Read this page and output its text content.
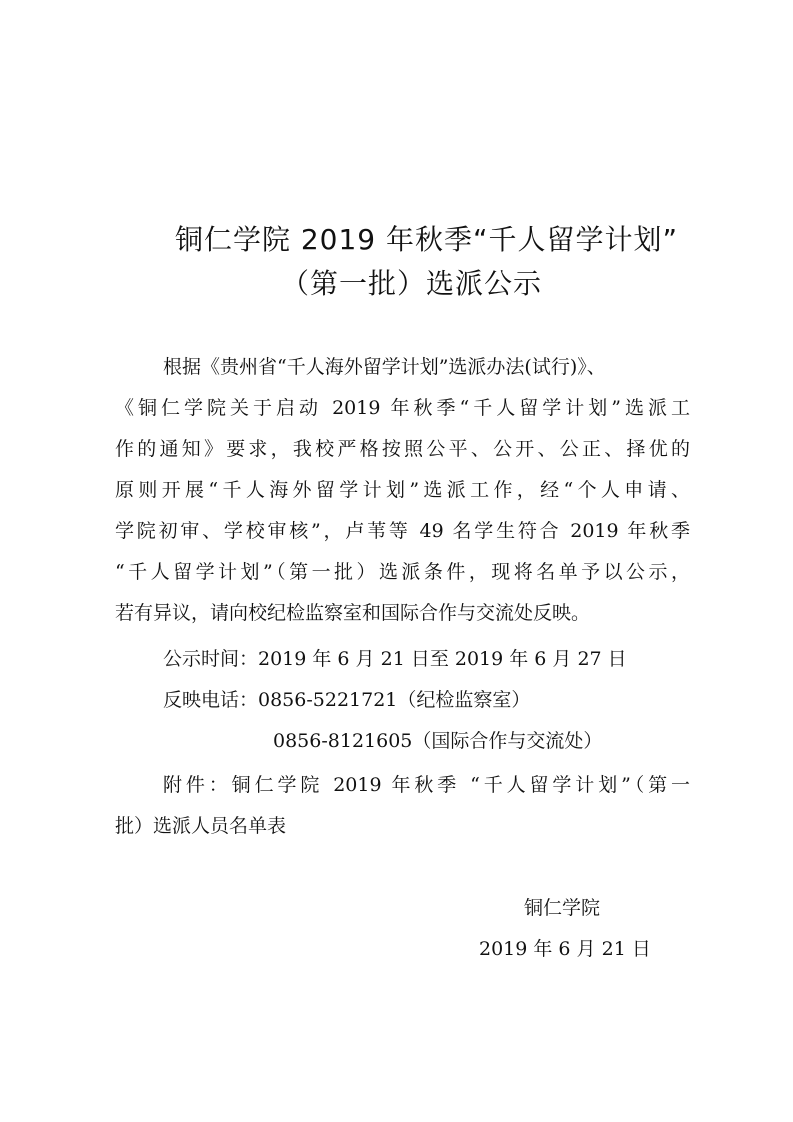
铜仁学院 2019 年秋季“千人留学计划”
（第一批）选派公示
根据《贵州省“千人海外留学计划”选派办法(试行)》、
《铜仁学院关于启动 2019 年秋季“千人留学计划”选派工
作的通知》要求，我校严格按照公平、公开、公正、择优的
原则开展“千人海外留学计划”选派工作，经“个人申请、
学院初审、学校审核”，卢苇等 49 名学生符合 2019 年秋季
“千人留学计划”（第一批）选派条件，现将名单予以公示，
若有异议，请向校纪检监察室和国际合作与交流处反映。
公示时间：2019 年 6 月 21 日至 2019 年 6 月 27 日
反映电话：0856-5221721（纪检监察室）
0856-8121605（国际合作与交流处）
附件：铜仁学院 2019 年秋季 “千人留学计划”（第一
批）选派人员名单表
铜仁学院
2019 年 6 月 21 日
